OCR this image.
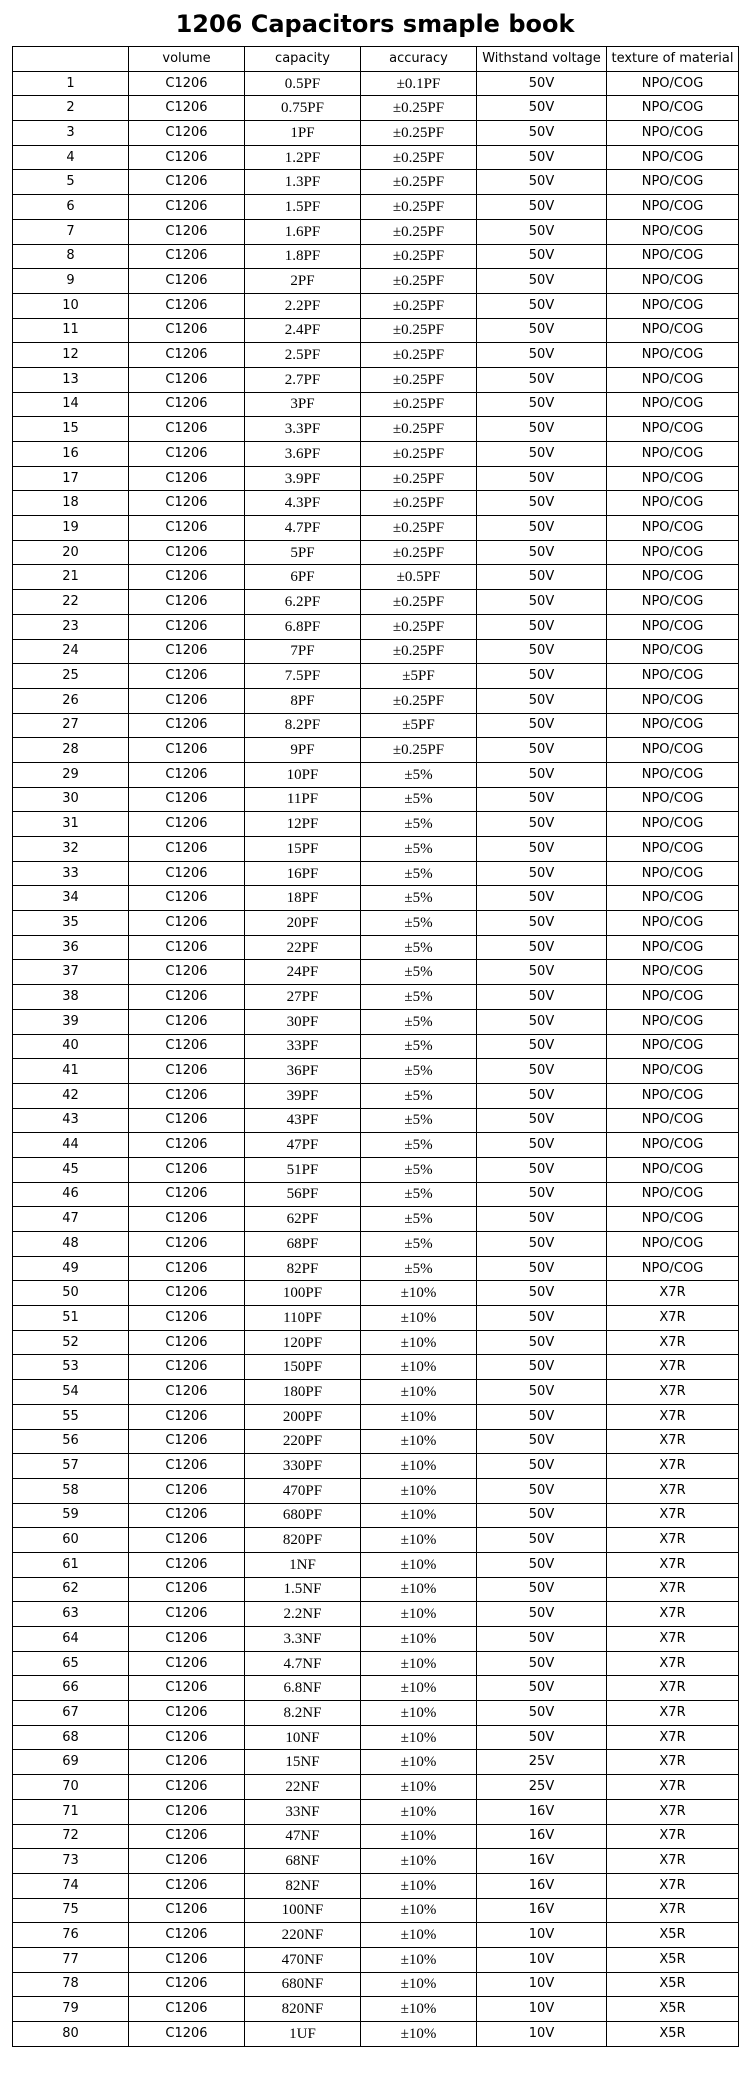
1206 Capacitors smaple book
	volume	capacity	accuracy	Withstand voltage	texture of material
1	C1206	0.5PF	±0.1PF	50V	NPO/COG
2	C1206	0.75PF	±0.25PF	50V	NPO/COG
3	C1206	1PF	±0.25PF	50V	NPO/COG
4	C1206	1.2PF	±0.25PF	50V	NPO/COG
5	C1206	1.3PF	±0.25PF	50V	NPO/COG
6	C1206	1.5PF	±0.25PF	50V	NPO/COG
7	C1206	1.6PF	±0.25PF	50V	NPO/COG
8	C1206	1.8PF	±0.25PF	50V	NPO/COG
9	C1206	2PF	±0.25PF	50V	NPO/COG
10	C1206	2.2PF	±0.25PF	50V	NPO/COG
11	C1206	2.4PF	±0.25PF	50V	NPO/COG
12	C1206	2.5PF	±0.25PF	50V	NPO/COG
13	C1206	2.7PF	±0.25PF	50V	NPO/COG
14	C1206	3PF	±0.25PF	50V	NPO/COG
15	C1206	3.3PF	±0.25PF	50V	NPO/COG
16	C1206	3.6PF	±0.25PF	50V	NPO/COG
17	C1206	3.9PF	±0.25PF	50V	NPO/COG
18	C1206	4.3PF	±0.25PF	50V	NPO/COG
19	C1206	4.7PF	±0.25PF	50V	NPO/COG
20	C1206	5PF	±0.25PF	50V	NPO/COG
21	C1206	6PF	±0.5PF	50V	NPO/COG
22	C1206	6.2PF	±0.25PF	50V	NPO/COG
23	C1206	6.8PF	±0.25PF	50V	NPO/COG
24	C1206	7PF	±0.25PF	50V	NPO/COG
25	C1206	7.5PF	±5PF	50V	NPO/COG
26	C1206	8PF	±0.25PF	50V	NPO/COG
27	C1206	8.2PF	±5PF	50V	NPO/COG
28	C1206	9PF	±0.25PF	50V	NPO/COG
29	C1206	10PF	±5%	50V	NPO/COG
30	C1206	11PF	±5%	50V	NPO/COG
31	C1206	12PF	±5%	50V	NPO/COG
32	C1206	15PF	±5%	50V	NPO/COG
33	C1206	16PF	±5%	50V	NPO/COG
34	C1206	18PF	±5%	50V	NPO/COG
35	C1206	20PF	±5%	50V	NPO/COG
36	C1206	22PF	±5%	50V	NPO/COG
37	C1206	24PF	±5%	50V	NPO/COG
38	C1206	27PF	±5%	50V	NPO/COG
39	C1206	30PF	±5%	50V	NPO/COG
40	C1206	33PF	±5%	50V	NPO/COG
41	C1206	36PF	±5%	50V	NPO/COG
42	C1206	39PF	±5%	50V	NPO/COG
43	C1206	43PF	±5%	50V	NPO/COG
44	C1206	47PF	±5%	50V	NPO/COG
45	C1206	51PF	±5%	50V	NPO/COG
46	C1206	56PF	±5%	50V	NPO/COG
47	C1206	62PF	±5%	50V	NPO/COG
48	C1206	68PF	±5%	50V	NPO/COG
49	C1206	82PF	±5%	50V	NPO/COG
50	C1206	100PF	±10%	50V	X7R
51	C1206	110PF	±10%	50V	X7R
52	C1206	120PF	±10%	50V	X7R
53	C1206	150PF	±10%	50V	X7R
54	C1206	180PF	±10%	50V	X7R
55	C1206	200PF	±10%	50V	X7R
56	C1206	220PF	±10%	50V	X7R
57	C1206	330PF	±10%	50V	X7R
58	C1206	470PF	±10%	50V	X7R
59	C1206	680PF	±10%	50V	X7R
60	C1206	820PF	±10%	50V	X7R
61	C1206	1NF	±10%	50V	X7R
62	C1206	1.5NF	±10%	50V	X7R
63	C1206	2.2NF	±10%	50V	X7R
64	C1206	3.3NF	±10%	50V	X7R
65	C1206	4.7NF	±10%	50V	X7R
66	C1206	6.8NF	±10%	50V	X7R
67	C1206	8.2NF	±10%	50V	X7R
68	C1206	10NF	±10%	50V	X7R
69	C1206	15NF	±10%	25V	X7R
70	C1206	22NF	±10%	25V	X7R
71	C1206	33NF	±10%	16V	X7R
72	C1206	47NF	±10%	16V	X7R
73	C1206	68NF	±10%	16V	X7R
74	C1206	82NF	±10%	16V	X7R
75	C1206	100NF	±10%	16V	X7R
76	C1206	220NF	±10%	10V	X5R
77	C1206	470NF	±10%	10V	X5R
78	C1206	680NF	±10%	10V	X5R
79	C1206	820NF	±10%	10V	X5R
80	C1206	1UF	±10%	10V	X5R
